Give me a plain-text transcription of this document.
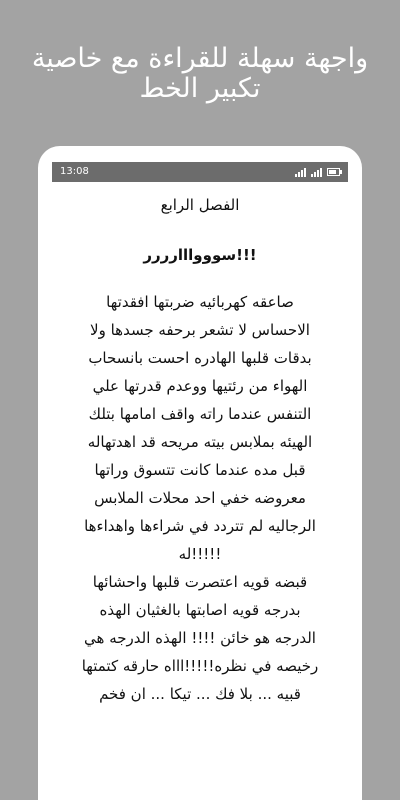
واجهة سهلة للقراءة مع خاصية تكبير الخط
13:08
الفصل الرابع
!!!سوووااارررر
صاعقه كهربائيه ضربتها افقدتها
الاحساس لا تشعر برحفه جسدها ولا
بدقات قلبها الهادره احست بانسحاب
الهواء من رئتيها ووعدم قدرتها علي
التنفس عندما راته واقف امامها بتلك
الهيئه بملابس بيته مريحه قد اهدتهاله
قبل مده عندما كانت تتسوق وراتها
معروضه خفي احد محلات الملابس
الرجاليه لم تتردد في شراءها واهداءها
!!!!!له
قبضه قويه اعتصرت قلبها واحشائها
بدرجه قويه اصابتها بالغثيان الهذه
الدرجه هو خائن !!!! الهذه الدرجه هي
رخيصه في نظره!!!!!اااه حارقه كتمتها
قبيه ... بلا فك ... تيكا ... ان فخم
